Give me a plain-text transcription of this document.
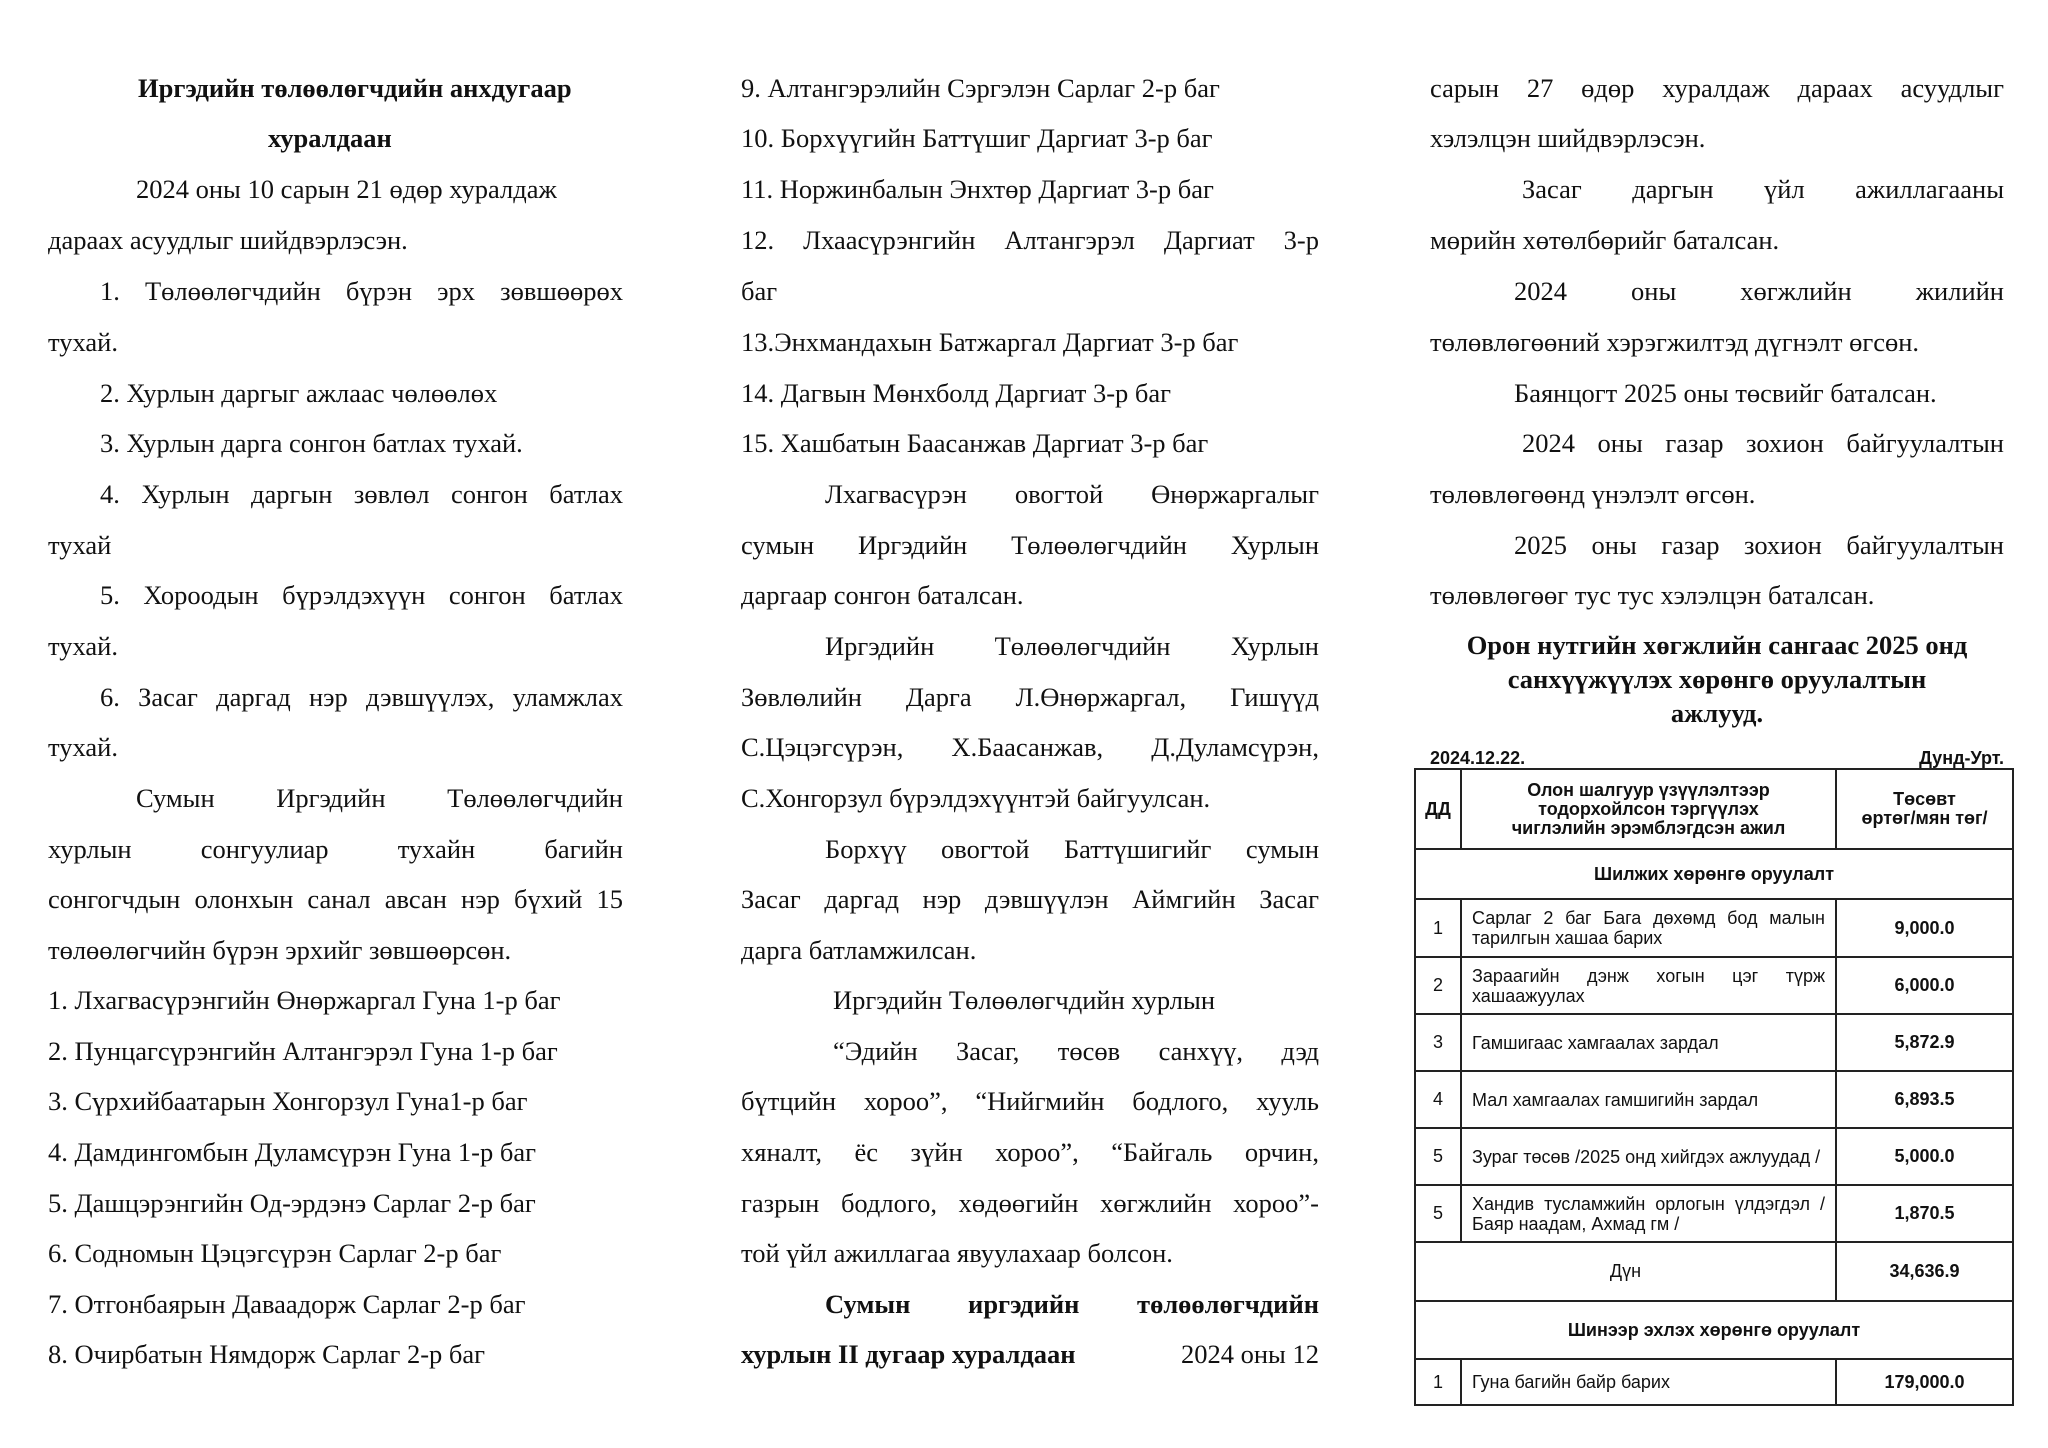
Иргэдийн төлөөлөгчдийн анхдугаар
хуралдаан
2024 оны 10 сарын 21 өдөр хуралдаж
дараах асуудлыг шийдвэрлэсэн.
1. Төлөөлөгчдийн бүрэн эрх зөвшөөрөх
тухай.
2. Хурлын даргыг ажлаас чөлөөлөх
3. Хурлын дарга сонгон батлах тухай.
4. Хурлын даргын зөвлөл сонгон батлах
тухай
5. Хороодын бүрэлдэхүүн сонгон батлах
тухай.
6. Засаг даргад нэр дэвшүүлэх, уламжлах
тухай.
Сумын Иргэдийн Төлөөлөгчдийн
хурлын сонгуулиар тухайн багийн
сонгогчдын олонхын санал авсан нэр бүхий 15
төлөөлөгчийн бүрэн эрхийг зөвшөөрсөн.
1. Лхагвасүрэнгийн Өнөржаргал Гуна 1-р баг
2. Пунцагсүрэнгийн Алтангэрэл Гуна 1-р баг
3. Сүрхийбаатарын Хонгорзул Гуна1-р баг
4. Дамдингомбын Дуламсүрэн Гуна 1-р баг
5. Дашцэрэнгийн Од-эрдэнэ Сарлаг 2-р баг
6. Содномын Цэцэгсүрэн Сарлаг 2-р баг
7. Отгонбаярын Даваадорж Сарлаг 2-р баг
8. Очирбатын Нямдорж Сарлаг 2-р баг
9. Алтангэрэлийн Сэргэлэн Сарлаг 2-р баг
10. Борхүүгийн Баттүшиг Даргиат 3-р баг
11. Норжинбалын Энхтөр Даргиат 3-р баг
12. Лхаасүрэнгийн Алтангэрэл Даргиат 3-р
баг
13.Энхмандахын Батжаргал Даргиат 3-р баг
14. Дагвын Мөнхболд Даргиат 3-р баг
15. Хашбатын Баасанжав Даргиат 3-р баг
Лхагвасүрэн овогтой Өнөржаргалыг
сумын Иргэдийн Төлөөлөгчдийн Хурлын
даргаар сонгон баталсан.
Иргэдийн Төлөөлөгчдийн Хурлын
Зөвлөлийн Дарга Л.Өнөржаргал, Гишүүд
С.Цэцэгсүрэн, Х.Баасанжав, Д.Дуламсүрэн,
С.Хонгорзул бүрэлдэхүүнтэй байгуулсан.
Борхүү овогтой Баттүшигийг сумын
Засаг даргад нэр дэвшүүлэн Аймгийн Засаг
дарга батламжилсан.
Иргэдийн Төлөөлөгчдийн хурлын
“Эдийн Засаг, төсөв санхүү, дэд
бүтцийн хороо”, “Нийгмийн бодлого, хууль
хяналт, ёс зүйн хороо”, “Байгаль орчин,
газрын бодлого, хөдөөгийн хөгжлийн хороо”-
той үйл ажиллагаа явуулахаар болсон.
Сумын иргэдийн төлөөлөгчдийн
хурлын II дугаар хуралдаан	2024 оны 12
сарын 27 өдөр хуралдаж дараах асуудлыг
хэлэлцэн шийдвэрлэсэн.
Засаг даргын үйл ажиллагааны
мөрийн хөтөлбөрийг баталсан.
2024 оны хөгжлийн жилийн
төлөвлөгөөний хэрэгжилтэд дүгнэлт өгсөн.
Баянцогт 2025 оны төсвийг баталсан.
2024 оны газар зохион байгуулалтын
төлөвлөгөөнд үнэлэлт өгсөн.
2025 оны газар зохион байгуулалтын
төлөвлөгөөг тус тус хэлэлцэн баталсан.
Орон нутгийн хөгжлийн сангаас 2025 онд
санхүүжүүлэх хөрөнгө оруулалтын
ажлууд.
2024.12.22.	Дунд-Урт.
ДД	Олон шалгуур үзүүлэлтээр
тодорхойлсон тэргүүлэх
чиглэлийн эрэмблэгдсэн ажил	Төсөвт
өртөг/мян төг/
Шилжих хөрөнгө оруулалт		
1	Сарлаг 2 баг Бага дөхөмд бод малын тарилгын хашаа барих	9,000.0
2	Зараагийн дэнж хогын цэг түрж хашаажуулах	6,000.0
3	Гамшигаас хамгаалах зардал	5,872.9
4	Мал хамгаалах гамшигийн зардал	6,893.5
5	Зураг төсөв /2025 онд хийгдэх ажлуудад /	5,000.0
5	Хандив тусламжийн орлогын үлдэгдэл /Баяр наадам, Ахмад гм /	1,870.5
Дүн		34,636.9
Шинээр эхлэх хөрөнгө оруулалт		
1	Гуна багийн байр барих	179,000.0
